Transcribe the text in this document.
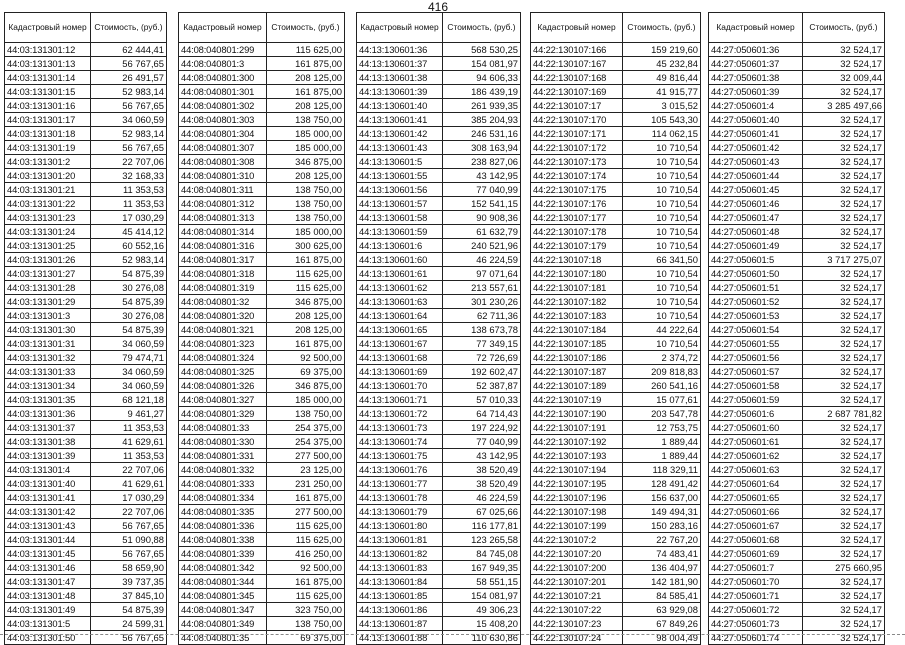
416
Кадастровый номер	Стоимость, (руб.)
44:03:131301:12	62 444,41
44:03:131301:13	56 767,65
44:03:131301:14	26 491,57
44:03:131301:15	52 983,14
44:03:131301:16	56 767,65
44:03:131301:17	34 060,59
44:03:131301:18	52 983,14
44:03:131301:19	56 767,65
44:03:131301:2	22 707,06
44:03:131301:20	32 168,33
44:03:131301:21	11 353,53
44:03:131301:22	11 353,53
44:03:131301:23	17 030,29
44:03:131301:24	45 414,12
44:03:131301:25	60 552,16
44:03:131301:26	52 983,14
44:03:131301:27	54 875,39
44:03:131301:28	30 276,08
44:03:131301:29	54 875,39
44:03:131301:3	30 276,08
44:03:131301:30	54 875,39
44:03:131301:31	34 060,59
44:03:131301:32	79 474,71
44:03:131301:33	34 060,59
44:03:131301:34	34 060,59
44:03:131301:35	68 121,18
44:03:131301:36	9 461,27
44:03:131301:37	11 353,53
44:03:131301:38	41 629,61
44:03:131301:39	11 353,53
44:03:131301:4	22 707,06
44:03:131301:40	41 629,61
44:03:131301:41	17 030,29
44:03:131301:42	22 707,06
44:03:131301:43	56 767,65
44:03:131301:44	51 090,88
44:03:131301:45	56 767,65
44:03:131301:46	58 659,90
44:03:131301:47	39 737,35
44:03:131301:48	37 845,10
44:03:131301:49	54 875,39
44:03:131301:5	24 599,31
44:03:131301:50	56 767,65
Кадастровый номер	Стоимость, (руб.)
44:08:040801:299	115 625,00
44:08:040801:3	161 875,00
44:08:040801:300	208 125,00
44:08:040801:301	161 875,00
44:08:040801:302	208 125,00
44:08:040801:303	138 750,00
44:08:040801:304	185 000,00
44:08:040801:307	185 000,00
44:08:040801:308	346 875,00
44:08:040801:310	208 125,00
44:08:040801:311	138 750,00
44:08:040801:312	138 750,00
44:08:040801:313	138 750,00
44:08:040801:314	185 000,00
44:08:040801:316	300 625,00
44:08:040801:317	161 875,00
44:08:040801:318	115 625,00
44:08:040801:319	115 625,00
44:08:040801:32	346 875,00
44:08:040801:320	208 125,00
44:08:040801:321	208 125,00
44:08:040801:323	161 875,00
44:08:040801:324	92 500,00
44:08:040801:325	69 375,00
44:08:040801:326	346 875,00
44:08:040801:327	185 000,00
44:08:040801:329	138 750,00
44:08:040801:33	254 375,00
44:08:040801:330	254 375,00
44:08:040801:331	277 500,00
44:08:040801:332	23 125,00
44:08:040801:333	231 250,00
44:08:040801:334	161 875,00
44:08:040801:335	277 500,00
44:08:040801:336	115 625,00
44:08:040801:338	115 625,00
44:08:040801:339	416 250,00
44:08:040801:342	92 500,00
44:08:040801:344	161 875,00
44:08:040801:345	115 625,00
44:08:040801:347	323 750,00
44:08:040801:349	138 750,00
44:08:040801:35	69 375,00
Кадастровый номер	Стоимость, (руб.)
44:13:130601:36	568 530,25
44:13:130601:37	154 081,97
44:13:130601:38	94 606,33
44:13:130601:39	186 439,19
44:13:130601:40	261 939,35
44:13:130601:41	385 204,93
44:13:130601:42	246 531,16
44:13:130601:43	308 163,94
44:13:130601:5	238 827,06
44:13:130601:55	43 142,95
44:13:130601:56	77 040,99
44:13:130601:57	152 541,15
44:13:130601:58	90 908,36
44:13:130601:59	61 632,79
44:13:130601:6	240 521,96
44:13:130601:60	46 224,59
44:13:130601:61	97 071,64
44:13:130601:62	213 557,61
44:13:130601:63	301 230,26
44:13:130601:64	62 711,36
44:13:130601:65	138 673,78
44:13:130601:67	77 349,15
44:13:130601:68	72 726,69
44:13:130601:69	192 602,47
44:13:130601:70	52 387,87
44:13:130601:71	57 010,33
44:13:130601:72	64 714,43
44:13:130601:73	197 224,92
44:13:130601:74	77 040,99
44:13:130601:75	43 142,95
44:13:130601:76	38 520,49
44:13:130601:77	38 520,49
44:13:130601:78	46 224,59
44:13:130601:79	67 025,66
44:13:130601:80	116 177,81
44:13:130601:81	123 265,58
44:13:130601:82	84 745,08
44:13:130601:83	167 949,35
44:13:130601:84	58 551,15
44:13:130601:85	154 081,97
44:13:130601:86	49 306,23
44:13:130601:87	15 408,20
44:13:130601:88	110 630,86
Кадастровый номер	Стоимость, (руб.)
44:22:130107:166	159 219,60
44:22:130107:167	45 232,84
44:22:130107:168	49 816,44
44:22:130107:169	41 915,77
44:22:130107:17	3 015,52
44:22:130107:170	105 543,30
44:22:130107:171	114 062,15
44:22:130107:172	10 710,54
44:22:130107:173	10 710,54
44:22:130107:174	10 710,54
44:22:130107:175	10 710,54
44:22:130107:176	10 710,54
44:22:130107:177	10 710,54
44:22:130107:178	10 710,54
44:22:130107:179	10 710,54
44:22:130107:18	66 341,50
44:22:130107:180	10 710,54
44:22:130107:181	10 710,54
44:22:130107:182	10 710,54
44:22:130107:183	10 710,54
44:22:130107:184	44 222,64
44:22:130107:185	10 710,54
44:22:130107:186	2 374,72
44:22:130107:187	209 818,83
44:22:130107:189	260 541,16
44:22:130107:19	15 077,61
44:22:130107:190	203 547,78
44:22:130107:191	12 753,75
44:22:130107:192	1 889,44
44:22:130107:193	1 889,44
44:22:130107:194	118 329,11
44:22:130107:195	128 491,42
44:22:130107:196	156 637,00
44:22:130107:198	149 494,31
44:22:130107:199	150 283,16
44:22:130107:2	22 767,20
44:22:130107:20	74 483,41
44:22:130107:200	136 404,97
44:22:130107:201	142 181,90
44:22:130107:21	84 585,41
44:22:130107:22	63 929,08
44:22:130107:23	67 849,26
44:22:130107:24	98 004,49
Кадастровый номер	Стоимость, (руб.)
44:27:050601:36	32 524,17
44:27:050601:37	32 524,17
44:27:050601:38	32 009,44
44:27:050601:39	32 524,17
44:27:050601:4	3 285 497,66
44:27:050601:40	32 524,17
44:27:050601:41	32 524,17
44:27:050601:42	32 524,17
44:27:050601:43	32 524,17
44:27:050601:44	32 524,17
44:27:050601:45	32 524,17
44:27:050601:46	32 524,17
44:27:050601:47	32 524,17
44:27:050601:48	32 524,17
44:27:050601:49	32 524,17
44:27:050601:5	3 717 275,07
44:27:050601:50	32 524,17
44:27:050601:51	32 524,17
44:27:050601:52	32 524,17
44:27:050601:53	32 524,17
44:27:050601:54	32 524,17
44:27:050601:55	32 524,17
44:27:050601:56	32 524,17
44:27:050601:57	32 524,17
44:27:050601:58	32 524,17
44:27:050601:59	32 524,17
44:27:050601:6	2 687 781,82
44:27:050601:60	32 524,17
44:27:050601:61	32 524,17
44:27:050601:62	32 524,17
44:27:050601:63	32 524,17
44:27:050601:64	32 524,17
44:27:050601:65	32 524,17
44:27:050601:66	32 524,17
44:27:050601:67	32 524,17
44:27:050601:68	32 524,17
44:27:050601:69	32 524,17
44:27:050601:7	275 660,95
44:27:050601:70	32 524,17
44:27:050601:71	32 524,17
44:27:050601:72	32 524,17
44:27:050601:73	32 524,17
44:27:050601:74	32 524,17
